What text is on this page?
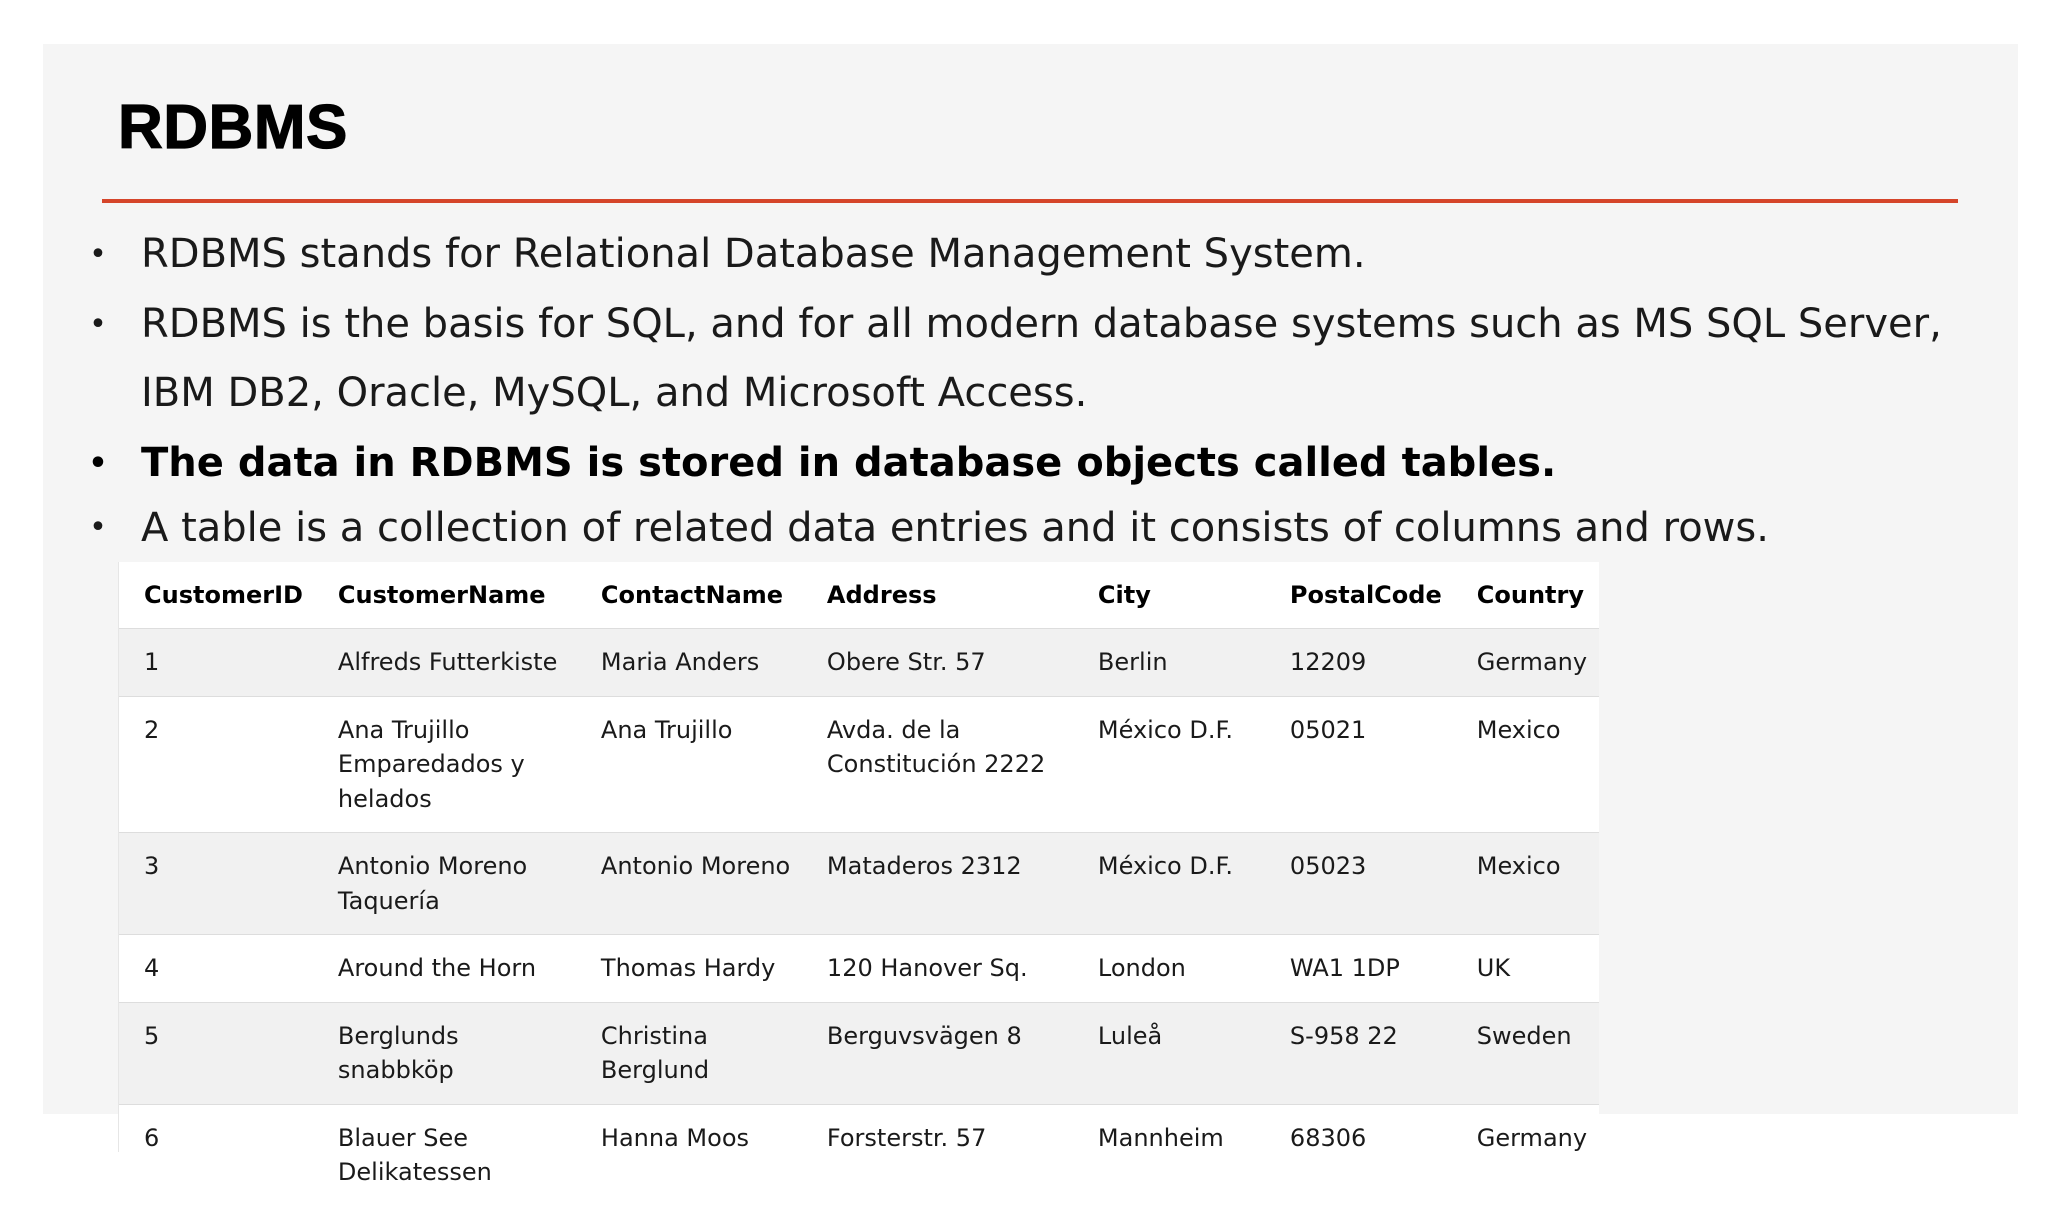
RDBMS
• RDBMS stands for Relational Database Management System.
• RDBMS is the basis for SQL, and for all modern database systems such as MS SQL Server, IBM DB2, Oracle, MySQL, and Microsoft Access.
• The data in RDBMS is stored in database objects called tables.
• A table is a collection of related data entries and it consists of columns and rows.
CustomerID	CustomerName	ContactName	Address	City	PostalCode	Country
1	Alfreds Futterkiste	Maria Anders	Obere Str. 57	Berlin	12209	Germany
2	Ana Trujillo Emparedados y helados	Ana Trujillo	Avda. de la Constitución 2222	México D.F.	05021	Mexico
3	Antonio Moreno Taquería	Antonio Moreno	Mataderos 2312	México D.F.	05023	Mexico
4	Around the Horn	Thomas Hardy	120 Hanover Sq.	London	WA1 1DP	UK
5	Berglunds snabbköp	Christina Berglund	Berguvsvägen 8	Luleå	S-958 22	Sweden
6	Blauer See Delikatessen	Hanna Moos	Forsterstr. 57	Mannheim	68306	Germany
